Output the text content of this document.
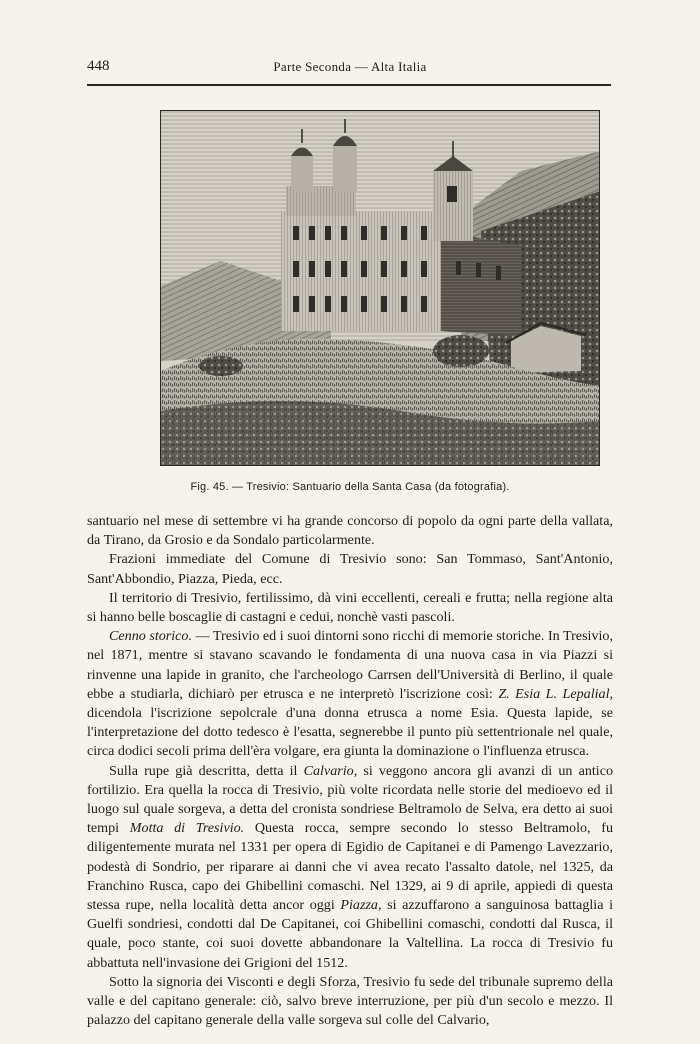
448	Parte Seconda — Alta Italia
Fig. 45. — Tresivio: Santuario della Santa Casa (da fotografia).

santuario nel mese di settembre vi ha grande concorso di popolo da ogni parte della vallata, da Tirano, da Grosio e da Sondalo particolarmente.

Frazioni immediate del Comune di Tresivio sono: San Tommaso, Sant'Antonio, Sant'Abbondio, Piazza, Pieda, ecc.

Il territorio di Tresivio, fertilissimo, dà vini eccellenti, cereali e frutta; nella regione alta si hanno belle boscaglie di castagni e cedui, nonchè vasti pascoli.

Cenno storico. — Tresivio ed i suoi dintorni sono ricchi di memorie storiche. In Tresivio, nel 1871, mentre si stavano scavando le fondamenta di una nuova casa in via Piazzi si rinvenne una lapide in granito, che l'archeologo Carrsen dell'Università di Berlino, il quale ebbe a studiarla, dichiarò per etrusca e ne interpretò l'iscrizione così: Z. Esia L. Lepalial, dicendola l'iscrizione sepolcrale d'una donna etrusca a nome Esia. Questa lapide, se l'interpretazione del dotto tedesco è l'esatta, segnerebbe il punto più settentrionale nel quale, circa dodici secoli prima dell'èra volgare, era giunta la dominazione o l'influenza etrusca.

Sulla rupe già descritta, detta il Calvario, si veggono ancora gli avanzi di un antico fortilizio. Era quella la rocca di Tresivio, più volte ricordata nelle storie del medioevo ed il luogo sul quale sorgeva, a detta del cronista sondriese Beltramolo de Selva, era detto ai suoi tempi Motta di Tresivio. Questa rocca, sempre secondo lo stesso Beltramolo, fu diligentemente murata nel 1331 per opera di Egidio de Capitanei e di Pamengo Lavezzario, podestà di Sondrio, per riparare ai danni che vi avea recato l'assalto datole, nel 1325, da Franchino Rusca, capo dei Ghibellini comaschi. Nel 1329, ai 9 di aprile, appiedi di questa stessa rupe, nella località detta ancor oggi Piazza, si azzuffarono a sanguinosa battaglia i Guelfi sondriesi, condotti dal De Capitanei, coi Ghibellini comaschi, condotti dal Rusca, il quale, poco stante, coi suoi dovette abbandonare la Valtellina. La rocca di Tresivio fu abbattuta nell'invasione dei Grigioni del 1512.

Sotto la signoria dei Visconti e degli Sforza, Tresivio fu sede del tribunale supremo della valle e del capitano generale: ciò, salvo breve interruzione, per più d'un secolo e mezzo. Il palazzo del capitano generale della valle sorgeva sul colle del Calvario,
